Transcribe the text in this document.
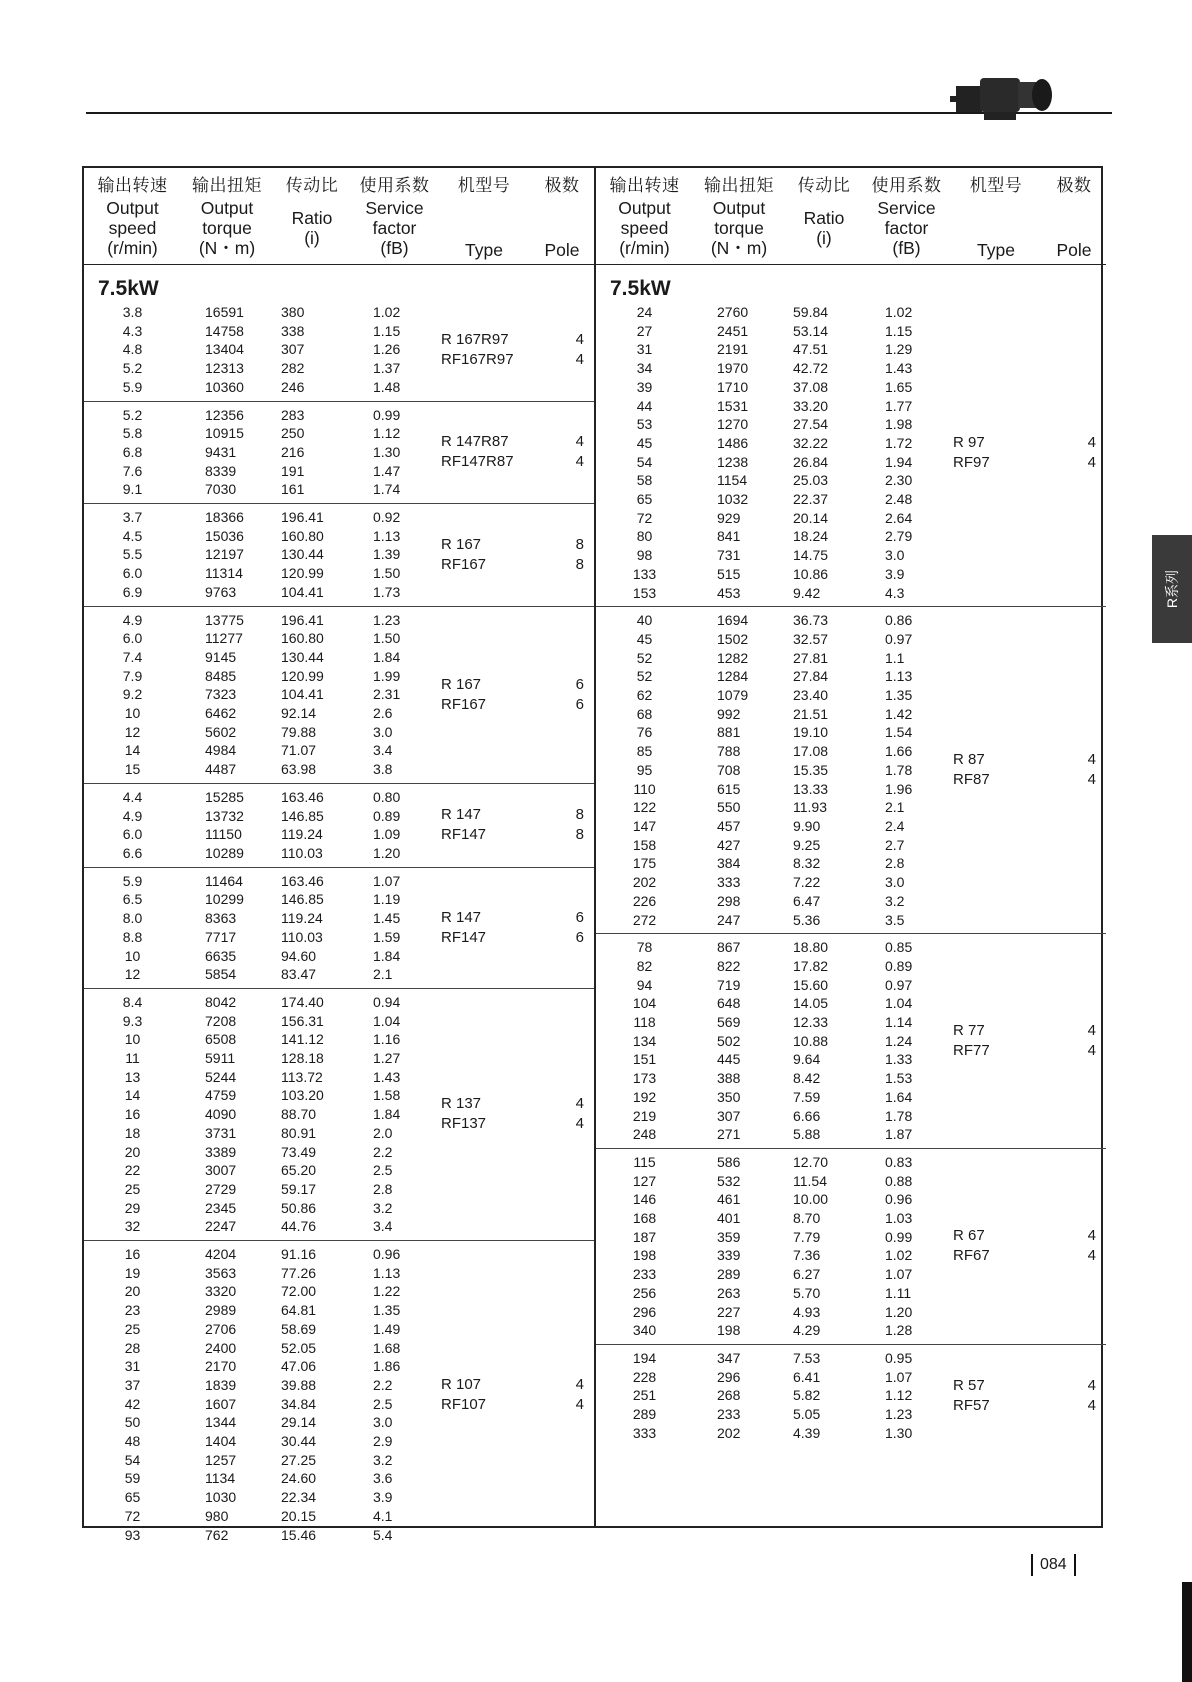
R系列
输出转速
Output
speed
(r/min)
输出扭矩
Output
torque
(N・m)
传动比
Ratio
(i)
使用系数
Service
factor
(fB)
机型号
Type
极数
Pole
7.5kW
3.8
4.3
4.8
5.2
5.9
16591
14758
13404
12313
10360
380
338
307
282
246
1.02
1.15
1.26
1.37
1.48
R 167R97
RF167R97
4
4
5.2
5.8
6.8
7.6
9.1
12356
10915
9431
8339
7030
283
250
216
191
161
0.99
1.12
1.30
1.47
1.74
R 147R87
RF147R87
4
4
3.7
4.5
5.5
6.0
6.9
18366
15036
12197
11314
9763
196.41
160.80
130.44
120.99
104.41
0.92
1.13
1.39
1.50
1.73
R 167
RF167
8
8
4.9
6.0
7.4
7.9
9.2
10
12
14
15
13775
11277
9145
8485
7323
6462
5602
4984
4487
196.41
160.80
130.44
120.99
104.41
92.14
79.88
71.07
63.98
1.23
1.50
1.84
1.99
2.31
2.6
3.0
3.4
3.8
R 167
RF167
6
6
4.4
4.9
6.0
6.6
15285
13732
11150
10289
163.46
146.85
119.24
110.03
0.80
0.89
1.09
1.20
R 147
RF147
8
8
5.9
6.5
8.0
8.8
10
12
11464
10299
8363
7717
6635
5854
163.46
146.85
119.24
110.03
94.60
83.47
1.07
1.19
1.45
1.59
1.84
2.1
R 147
RF147
6
6
8.4
9.3
10
11
13
14
16
18
20
22
25
29
32
8042
7208
6508
5911
5244
4759
4090
3731
3389
3007
2729
2345
2247
174.40
156.31
141.12
128.18
113.72
103.20
88.70
80.91
73.49
65.20
59.17
50.86
44.76
0.94
1.04
1.16
1.27
1.43
1.58
1.84
2.0
2.2
2.5
2.8
3.2
3.4
R 137
RF137
4
4
16
19
20
23
25
28
31
37
42
50
48
54
59
65
72
93
4204
3563
3320
2989
2706
2400
2170
1839
1607
1344
1404
1257
1134
1030
980
762
91.16
77.26
72.00
64.81
58.69
52.05
47.06
39.88
34.84
29.14
30.44
27.25
24.60
22.34
20.15
15.46
0.96
1.13
1.22
1.35
1.49
1.68
1.86
2.2
2.5
3.0
2.9
3.2
3.6
3.9
4.1
5.4
R 107
RF107
4
4
输出转速
Output
speed
(r/min)
输出扭矩
Output
torque
(N・m)
传动比
Ratio
(i)
使用系数
Service
factor
(fB)
机型号
Type
极数
Pole
7.5kW
24
27
31
34
39
44
53
45
54
58
65
72
80
98
133
153
2760
2451
2191
1970
1710
1531
1270
1486
1238
1154
1032
929
841
731
515
453
59.84
53.14
47.51
42.72
37.08
33.20
27.54
32.22
26.84
25.03
22.37
20.14
18.24
14.75
10.86
9.42
1.02
1.15
1.29
1.43
1.65
1.77
1.98
1.72
1.94
2.30
2.48
2.64
2.79
3.0
3.9
4.3
R 97
RF97
4
4
40
45
52
52
62
68
76
85
95
110
122
147
158
175
202
226
272
1694
1502
1282
1284
1079
992
881
788
708
615
550
457
427
384
333
298
247
36.73
32.57
27.81
27.84
23.40
21.51
19.10
17.08
15.35
13.33
11.93
9.90
9.25
8.32
7.22
6.47
5.36
0.86
0.97
1.1
1.13
1.35
1.42
1.54
1.66
1.78
1.96
2.1
2.4
2.7
2.8
3.0
3.2
3.5
R 87
RF87
4
4
78
82
94
104
118
134
151
173
192
219
248
867
822
719
648
569
502
445
388
350
307
271
18.80
17.82
15.60
14.05
12.33
10.88
9.64
8.42
7.59
6.66
5.88
0.85
0.89
0.97
1.04
1.14
1.24
1.33
1.53
1.64
1.78
1.87
R 77
RF77
4
4
115
127
146
168
187
198
233
256
296
340
586
532
461
401
359
339
289
263
227
198
12.70
11.54
10.00
8.70
7.79
7.36
6.27
5.70
4.93
4.29
0.83
0.88
0.96
1.03
0.99
1.02
1.07
1.11
1.20
1.28
R 67
RF67
4
4
194
228
251
289
333
347
296
268
233
202
7.53
6.41
5.82
5.05
4.39
0.95
1.07
1.12
1.23
1.30
R 57
RF57
4
4
084
